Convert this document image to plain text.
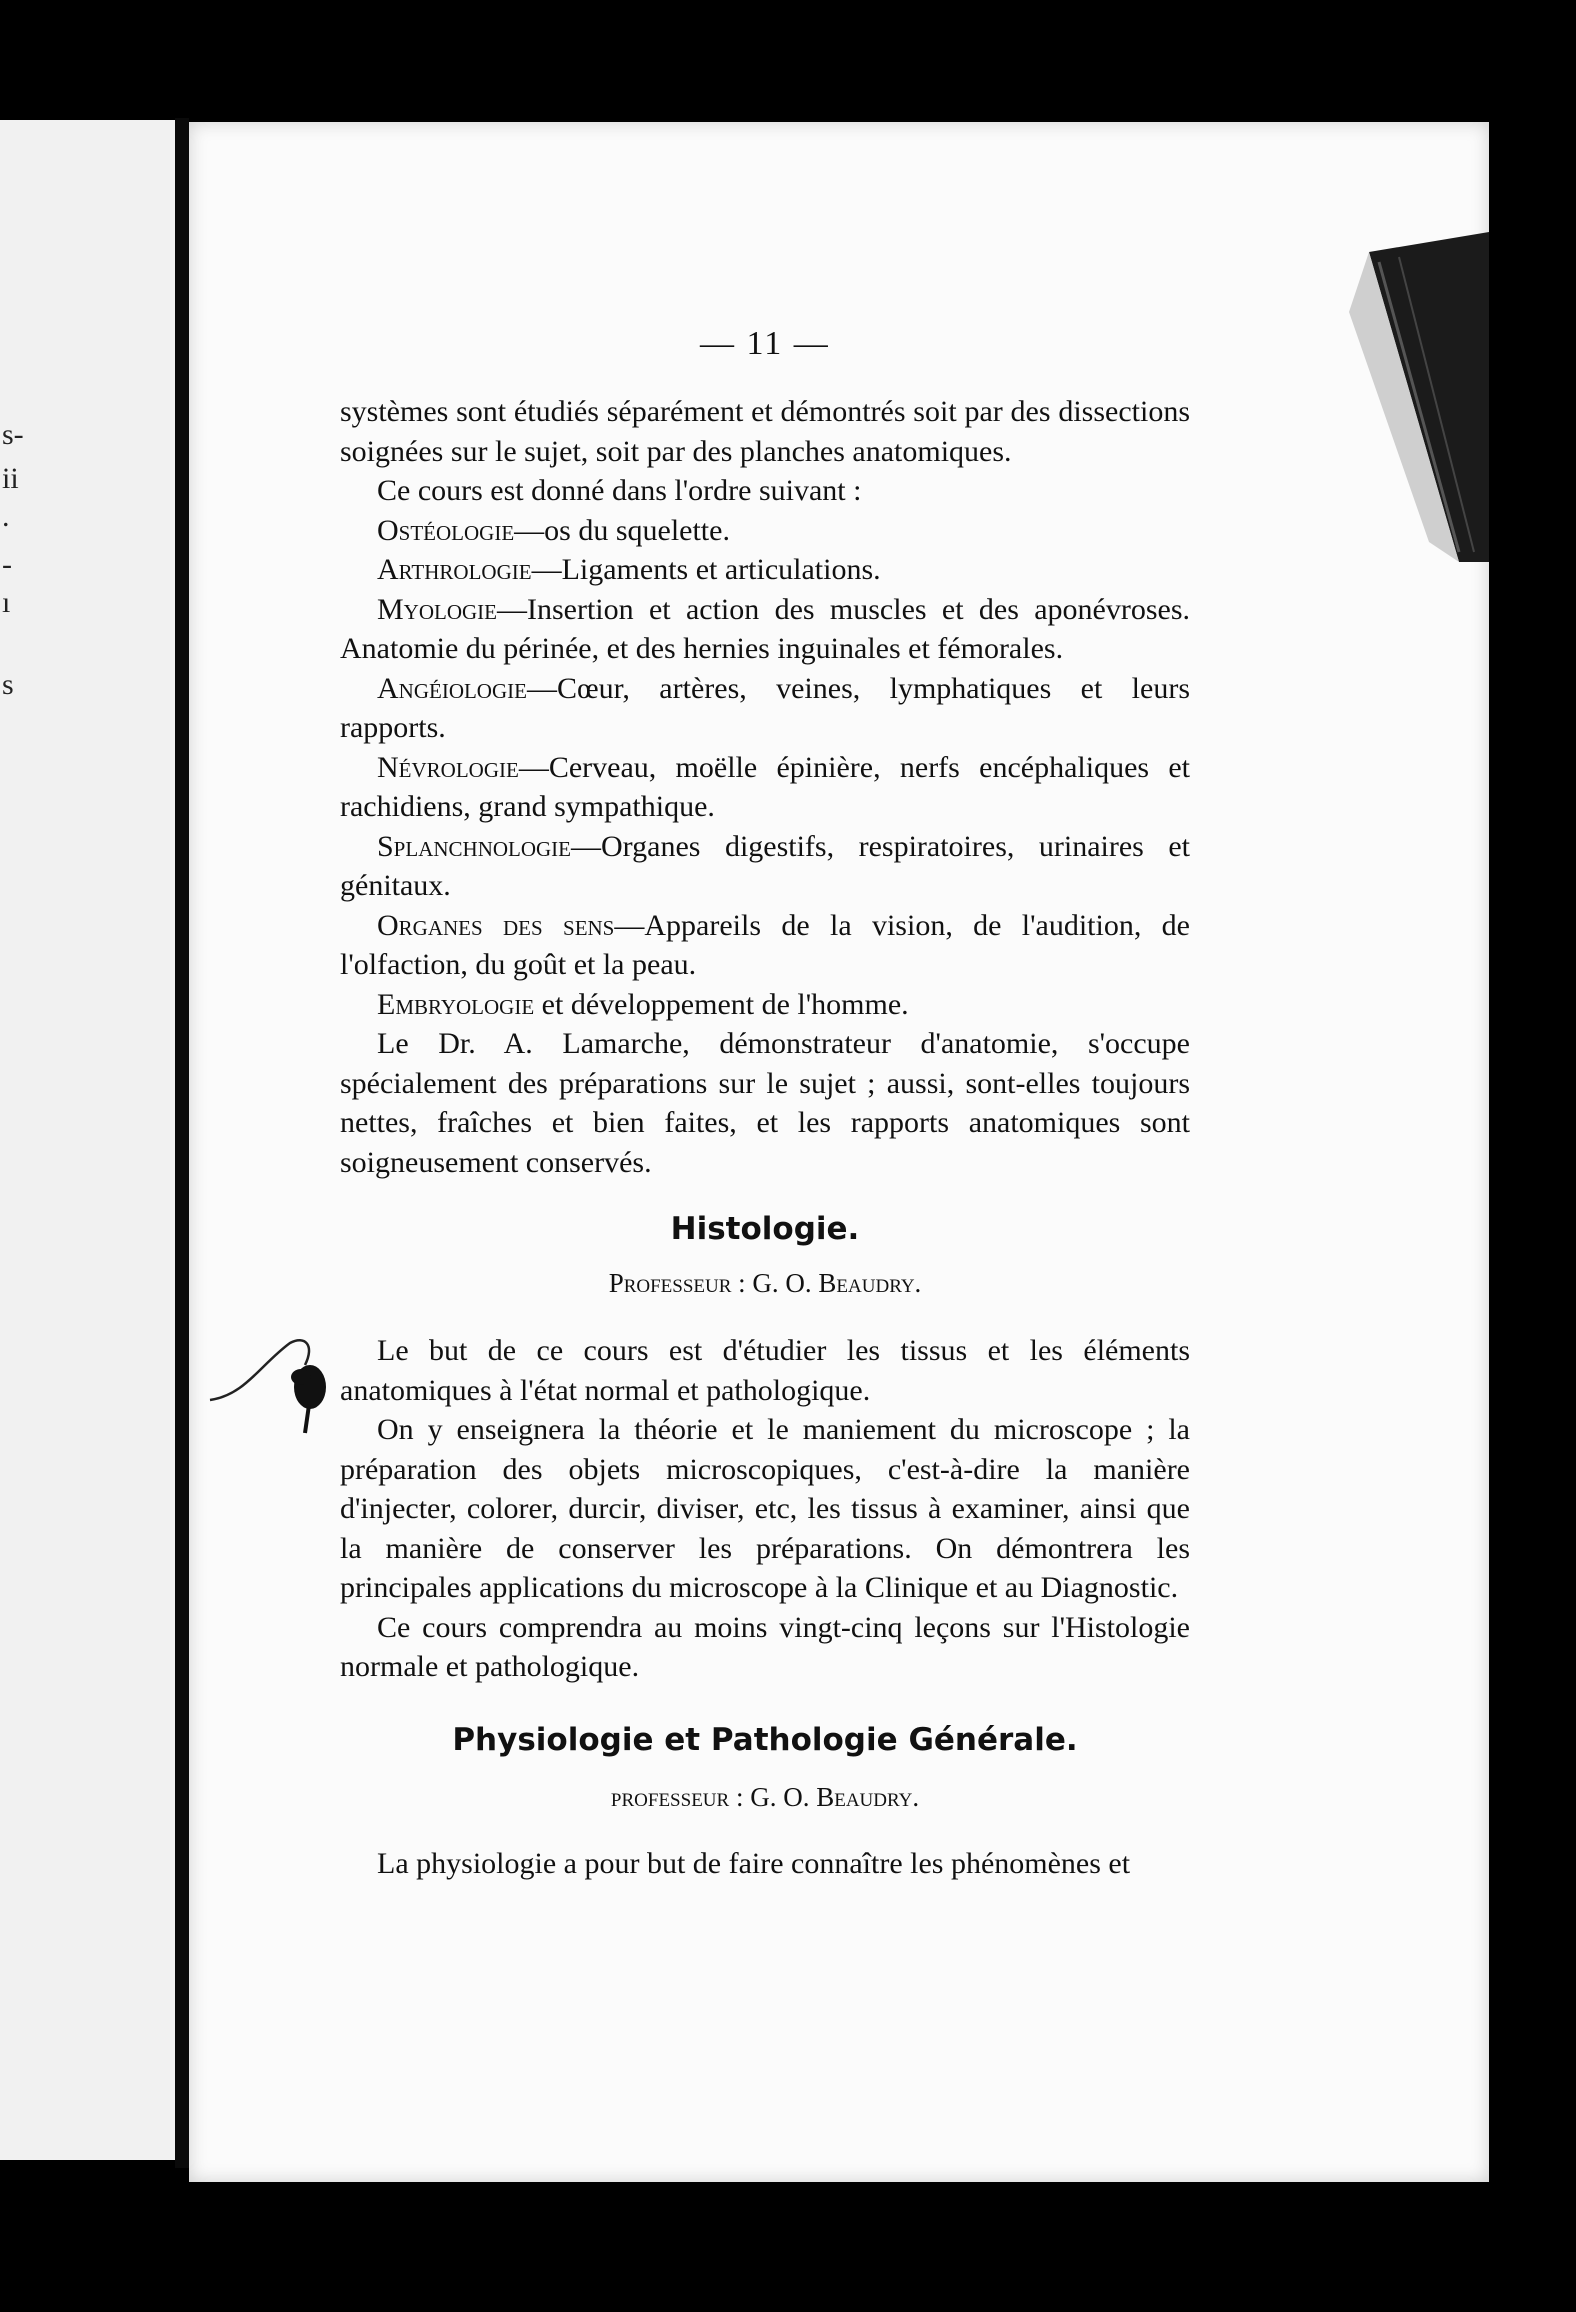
s-
ii
.
-
ı
s
— 11 —

systèmes sont étudiés séparément et démontrés soit par des dissections soignées sur le sujet, soit par des planches anatomiques.

Ce cours est donné dans l'ordre suivant :

Ostéologie—os du squelette.

Arthrologie—Ligaments et articulations.

Myologie—Insertion et action des muscles et des aponévroses. Anatomie du périnée, et des hernies inguinales et fémorales.

Angéiologie—Cœur, artères, veines, lymphatiques et leurs rapports.

Névrologie—Cerveau, moëlle épinière, nerfs encéphaliques et rachidiens, grand sympathique.

Splanchnologie—Organes digestifs, respiratoires, urinaires et génitaux.

Organes des sens—Appareils de la vision, de l'audition, de l'olfaction, du goût et la peau.

Embryologie et développement de l'homme.

Le Dr. A. Lamarche, démonstrateur d'anatomie, s'occupe spécialement des préparations sur le sujet ; aussi, sont-elles toujours nettes, fraîches et bien faites, et les rapports anatomiques sont soigneusement conservés.

Histologie.

Professeur : G. O. Beaudry.

Le but de ce cours est d'étudier les tissus et les éléments anatomiques à l'état normal et pathologique.

On y enseignera la théorie et le maniement du microscope ; la préparation des objets microscopiques, c'est-à-dire la manière d'injecter, colorer, durcir, diviser, etc, les tissus à examiner, ainsi que la manière de conserver les préparations. On démontrera les principales applications du microscope à la Clinique et au Diagnostic.

Ce cours comprendra au moins vingt-cinq leçons sur l'Histologie normale et pathologique.

Physiologie et Pathologie Générale.

professeur : G. O. Beaudry.

La physiologie a pour but de faire connaître les phénomènes et
